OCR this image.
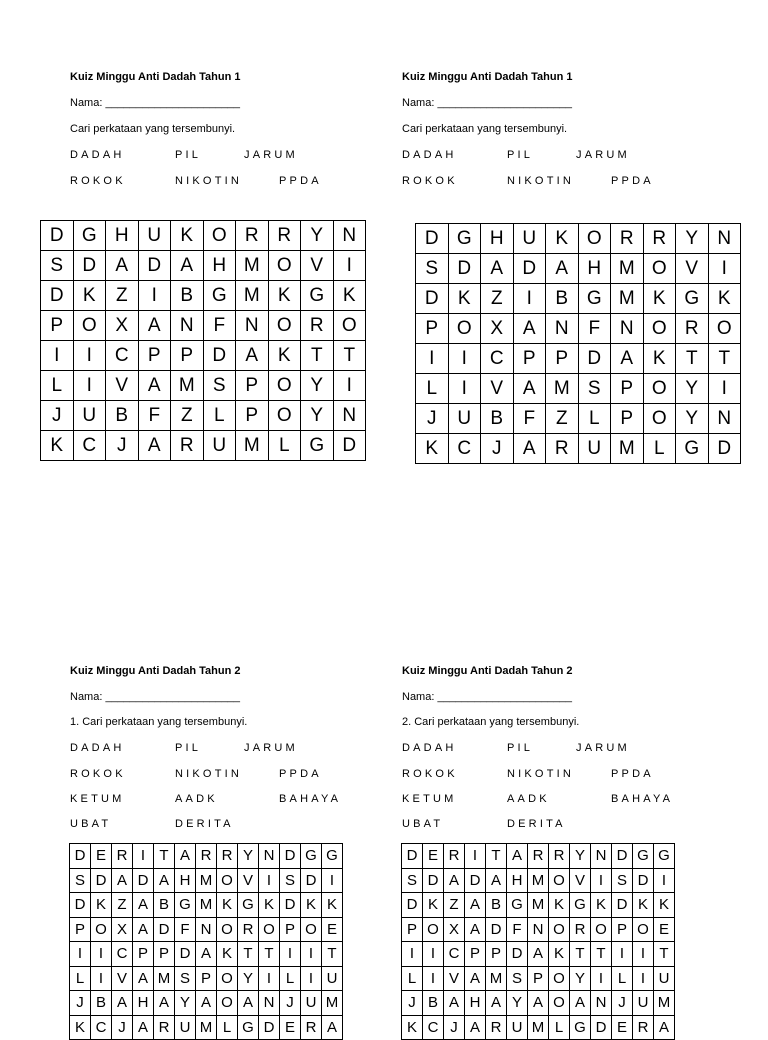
Kuiz Minggu Anti Dadah Tahun 1
Nama: ______________________
Cari perkataan yang tersembunyi.
DADAH	PIL	JARUM
ROKOK	NIKOTIN	PPDA
D	G	H	U	K	O	R	R	Y	N
S	D	A	D	A	H	M	O	V	I
D	K	Z	I	B	G	M	K	G	K
P	O	X	A	N	F	N	O	R	O
I	I	C	P	P	D	A	K	T	T
L	I	V	A	M	S	P	O	Y	I
J	U	B	F	Z	L	P	O	Y	N
K	C	J	A	R	U	M	L	G	D
Kuiz Minggu Anti Dadah Tahun 1
Nama: ______________________
Cari perkataan yang tersembunyi.
DADAH	PIL	JARUM
ROKOK	NIKOTIN	PPDA
D	G	H	U	K	O	R	R	Y	N
S	D	A	D	A	H	M	O	V	I
D	K	Z	I	B	G	M	K	G	K
P	O	X	A	N	F	N	O	R	O
I	I	C	P	P	D	A	K	T	T
L	I	V	A	M	S	P	O	Y	I
J	U	B	F	Z	L	P	O	Y	N
K	C	J	A	R	U	M	L	G	D
Kuiz Minggu Anti Dadah Tahun 2
Nama: ______________________
1. Cari perkataan yang tersembunyi.
DADAH	PIL	JARUM
ROKOK	NIKOTIN	PPDA
KETUM	AADK	BAHAYA
UBAT	DERITA
D	E	R	I	T	A	R	R	Y	N	D	G	G
S	D	A	D	A	H	M	O	V	I	S	D	I
D	K	Z	A	B	G	M	K	G	K	D	K	K
P	O	X	A	D	F	N	O	R	O	P	O	E
I	I	C	P	P	D	A	K	T	T	I	I	T
L	I	V	A	M	S	P	O	Y	I	L	I	U
J	B	A	H	A	Y	A	O	A	N	J	U	M
K	C	J	A	R	U	M	L	G	D	E	R	A
Kuiz Minggu Anti Dadah Tahun 2
Nama: ______________________
2. Cari perkataan yang tersembunyi.
DADAH	PIL	JARUM
ROKOK	NIKOTIN	PPDA
KETUM	AADK	BAHAYA
UBAT	DERITA
D	E	R	I	T	A	R	R	Y	N	D	G	G
S	D	A	D	A	H	M	O	V	I	S	D	I
D	K	Z	A	B	G	M	K	G	K	D	K	K
P	O	X	A	D	F	N	O	R	O	P	O	E
I	I	C	P	P	D	A	K	T	T	I	I	T
L	I	V	A	M	S	P	O	Y	I	L	I	U
J	B	A	H	A	Y	A	O	A	N	J	U	M
K	C	J	A	R	U	M	L	G	D	E	R	A
